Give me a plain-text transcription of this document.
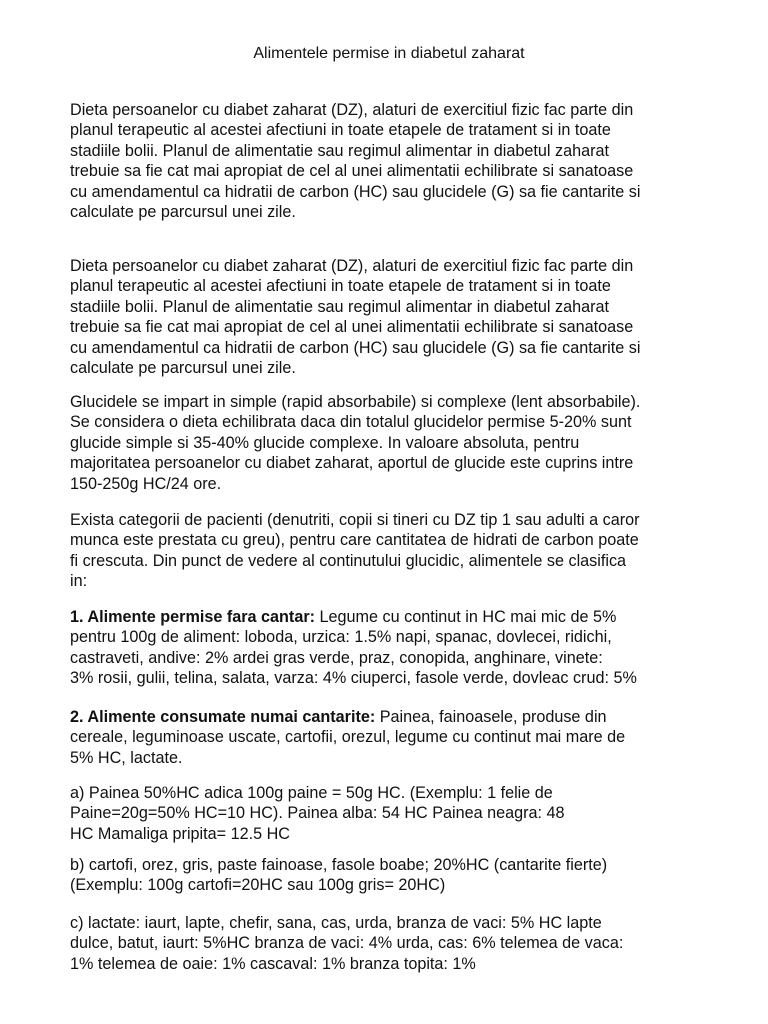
Alimentele permise in diabetul zaharat
Dieta persoanelor cu diabet zaharat (DZ), alaturi de exercitiul fizic fac parte din
planul terapeutic al acestei afectiuni in toate etapele de tratament si in toate
stadiile bolii. Planul de alimentatie sau regimul alimentar in diabetul zaharat
trebuie sa fie cat mai apropiat de cel al unei alimentatii echilibrate si sanatoase
cu amendamentul ca hidratii de carbon (HC) sau glucidele (G) sa fie cantarite si
calculate pe parcursul unei zile.
Dieta persoanelor cu diabet zaharat (DZ), alaturi de exercitiul fizic fac parte din
planul terapeutic al acestei afectiuni in toate etapele de tratament si in toate
stadiile bolii. Planul de alimentatie sau regimul alimentar in diabetul zaharat
trebuie sa fie cat mai apropiat de cel al unei alimentatii echilibrate si sanatoase
cu amendamentul ca hidratii de carbon (HC) sau glucidele (G) sa fie cantarite si
calculate pe parcursul unei zile.
Glucidele se impart in simple (rapid absorbabile) si complexe (lent absorbabile).
Se considera o dieta echilibrata daca din totalul glucidelor permise 5-20% sunt
glucide simple si 35-40% glucide complexe. In valoare absoluta, pentru
majoritatea persoanelor cu diabet zaharat, aportul de glucide este cuprins intre
150-250g HC/24 ore.
Exista categorii de pacienti (denutriti, copii si tineri cu DZ tip 1 sau adulti a caror
munca este prestata cu greu), pentru care cantitatea de hidrati de carbon poate
fi crescuta. Din punct de vedere al continutului glucidic, alimentele se clasifica
in:
1. Alimente permise fara cantar: Legume cu continut in HC mai mic de 5%
pentru 100g de aliment: loboda, urzica: 1.5% napi, spanac, dovlecei, ridichi,
castraveti, andive: 2% ardei gras verde, praz, conopida, anghinare, vinete:
3% rosii, gulii, telina, salata, varza: 4% ciuperci, fasole verde, dovleac crud: 5%
2. Alimente consumate numai cantarite: Painea, fainoasele, produse din
cereale, leguminoase uscate, cartofii, orezul, legume cu continut mai mare de
5% HC, lactate.
a) Painea 50%HC adica 100g paine = 50g HC. (Exemplu: 1 felie de
Paine=20g=50% HC=10 HC). Painea alba: 54 HC Painea neagra: 48
HC Mamaliga pripita= 12.5 HC
b) cartofi, orez, gris, paste fainoase, fasole boabe; 20%HC (cantarite fierte)
(Exemplu: 100g cartofi=20HC sau 100g gris= 20HC)
c) lactate: iaurt, lapte, chefir, sana, cas, urda, branza de vaci: 5% HC lapte
dulce, batut, iaurt: 5%HC branza de vaci: 4% urda, cas: 6% telemea de vaca:
1% telemea de oaie: 1% cascaval: 1% branza topita: 1%
